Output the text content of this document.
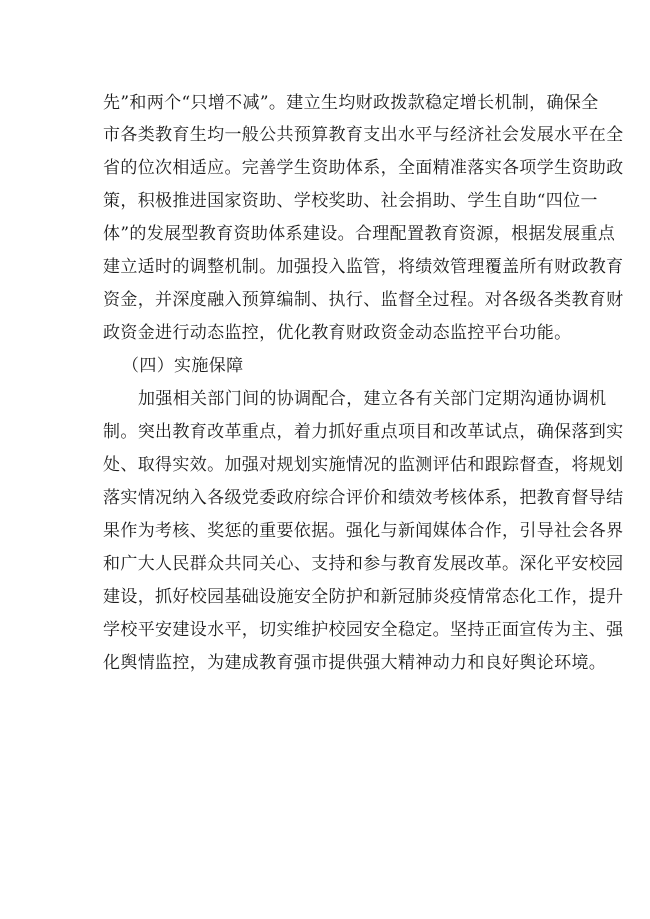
先”和两个“只增不减”。建立生均财政拨款稳定增长机制，确保全
市各类教育生均一般公共预算教育支出水平与经济社会发展水平在全
省的位次相适应。完善学生资助体系，全面精准落实各项学生资助政
策，积极推进国家资助、学校奖助、社会捐助、学生自助“四位一
体”的发展型教育资助体系建设。合理配置教育资源，根据发展重点
建立适时的调整机制。加强投入监管，将绩效管理覆盖所有财政教育
资金，并深度融入预算编制、执行、监督全过程。对各级各类教育财
政资金进行动态监控，优化教育财政资金动态监控平台功能。
（四）实施保障
加强相关部门间的协调配合，建立各有关部门定期沟通协调机
制。突出教育改革重点，着力抓好重点项目和改革试点，确保落到实
处、取得实效。加强对规划实施情况的监测评估和跟踪督查，将规划
落实情况纳入各级党委政府综合评价和绩效考核体系，把教育督导结
果作为考核、奖惩的重要依据。强化与新闻媒体合作，引导社会各界
和广大人民群众共同关心、支持和参与教育发展改革。深化平安校园
建设，抓好校园基础设施安全防护和新冠肺炎疫情常态化工作，提升
学校平安建设水平，切实维护校园安全稳定。坚持正面宣传为主、强
化舆情监控，为建成教育强市提供强大精神动力和良好舆论环境。
